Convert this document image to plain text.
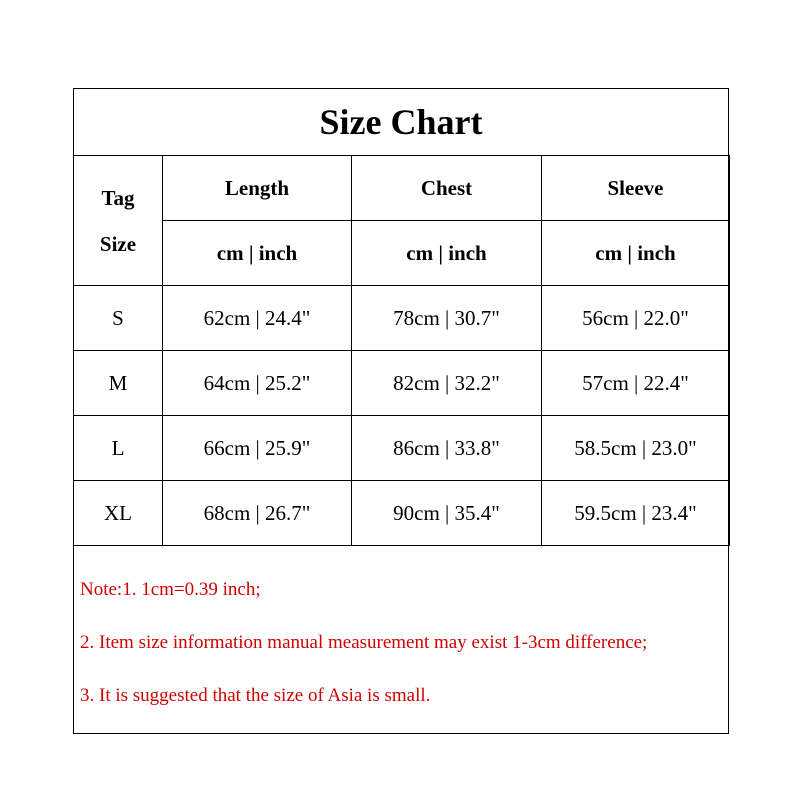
Size Chart
Tag
Size	Length	Chest	Sleeve
	cm | inch	cm | inch	cm | inch
S	62cm | 24.4"	78cm | 30.7"	56cm | 22.0"
M	64cm | 25.2"	82cm | 32.2"	57cm | 22.4"
L	66cm | 25.9"	86cm | 33.8"	58.5cm | 23.0"
XL	68cm | 26.7"	90cm | 35.4"	59.5cm | 23.4"
Note:1. 1cm=0.39 inch;
2. Item size information manual measurement may exist 1-3cm difference;
3. It is suggested that the size of Asia is small.
